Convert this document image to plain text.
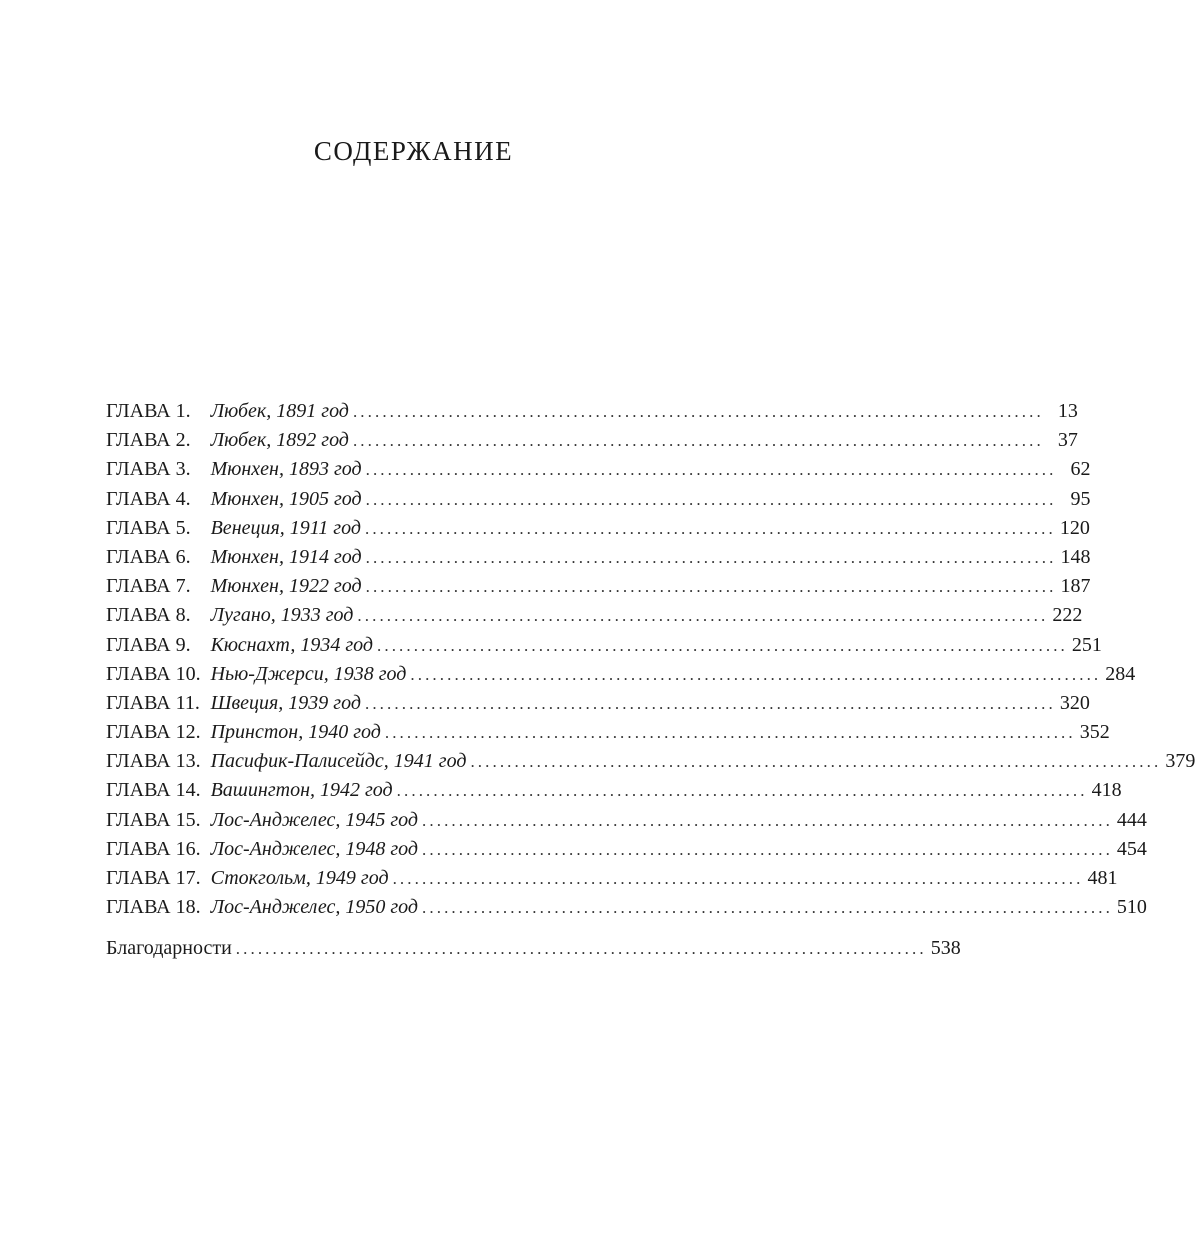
СОДЕРЖАНИЕ
ГЛАВА 1.	Любек, 1891 год .............................................................................................. 13
ГЛАВА 2.	Любек, 1892 год .............................................................................................. 37
ГЛАВА 3.	Мюнхен, 1893 год .............................................................................................. 62
ГЛАВА 4.	Мюнхен, 1905 год .............................................................................................. 95
ГЛАВА 5.	Венеция, 1911 год .............................................................................................. 120
ГЛАВА 6.	Мюнхен, 1914 год .............................................................................................. 148
ГЛАВА 7.	Мюнхен, 1922 год .............................................................................................. 187
ГЛАВА 8.	Лугано, 1933 год .............................................................................................. 222
ГЛАВА 9.	Кюснахт, 1934 год .............................................................................................. 251
ГЛАВА 10. Нью-Джерси, 1938 год .............................................................................................. 284
ГЛАВА 11. Швеция, 1939 год .............................................................................................. 320
ГЛАВА 12. Принстон, 1940 год .............................................................................................. 352
ГЛАВА 13. Пасифик-Палисейдс, 1941 год .............................................................................................. 379
ГЛАВА 14. Вашингтон, 1942 год .............................................................................................. 418
ГЛАВА 15. Лос-Анджелес, 1945 год .............................................................................................. 444
ГЛАВА 16. Лос-Анджелес, 1948 год .............................................................................................. 454
ГЛАВА 17. Стокгольм, 1949 год .............................................................................................. 481
ГЛАВА 18. Лос-Анджелес, 1950 год .............................................................................................. 510
Благодарности .............................................................................................. 538
